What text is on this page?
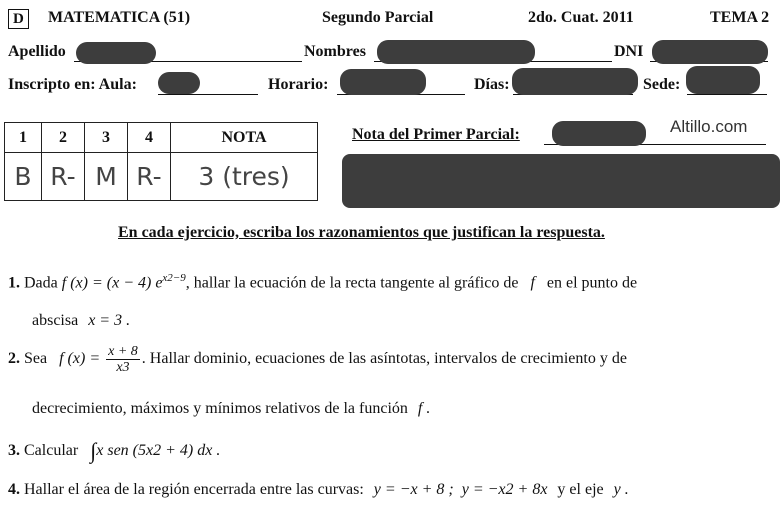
D	MATEMATICA (51)	Segundo Parcial	2do. Cuat. 2011	TEMA 2
Apellido	Nombres	DNI
Inscripto en: Aula:	Horario:	Días:	Sede:
1	2	3	4	NOTA
B	R-	M	R-	3 (tres)
Nota del Primer Parcial:	Altillo.com
En cada ejercicio, escriba los razonamientos que justifican la respuesta.
1. Dada f (x) = (x − 4) $e^{x2-9}$, hallar la ecuación de la recta tangente al gráfico de f en el punto de
abscisa x = 3 .
2. Sea f $(x) = \frac{x + 8}{x3}$ . Hallar dominio, ecuaciones de las asíntotas, intervalos de crecimiento y de
decrecimiento, máximos y mínimos relativos de la función f .
3. Calcular ∫x sen (5x2 + 4) dx .
4. Hallar el área de la región encerrada entre las curvas: y = −x + 8 ; y = −x2 + 8x y el eje y .
